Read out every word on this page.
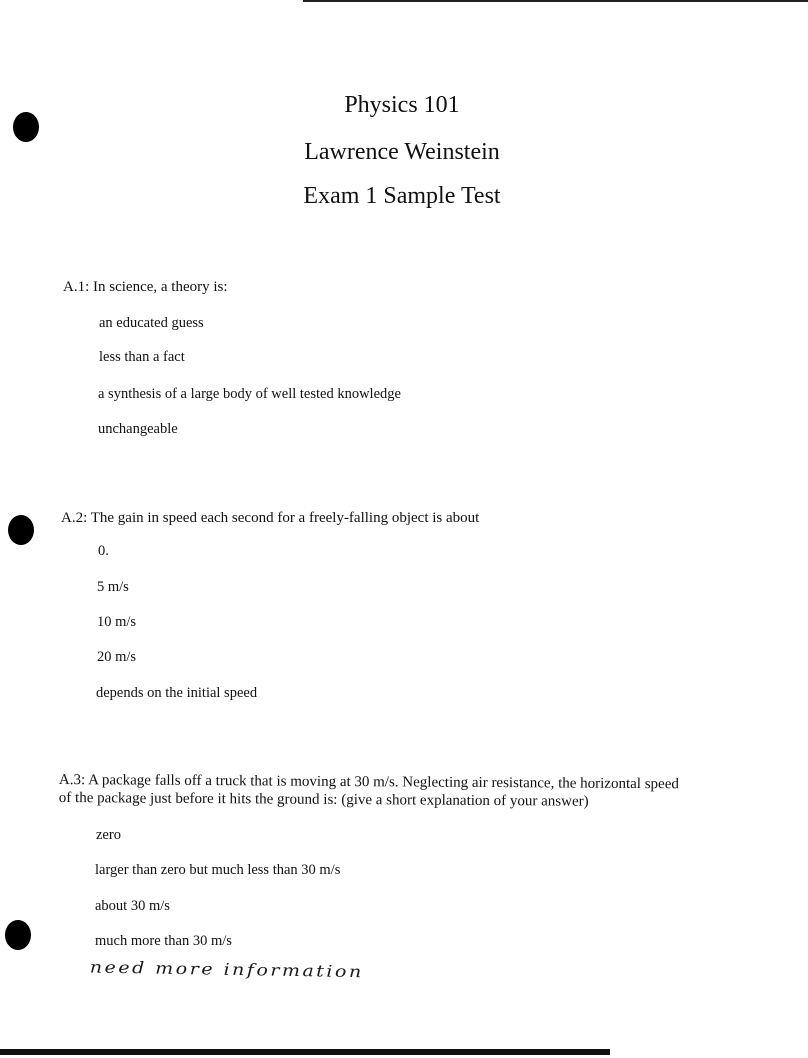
Physics 101
Lawrence Weinstein
Exam 1 Sample Test
A.1: In science, a theory is:
an educated guess
less than a fact
a synthesis of a large body of well tested knowledge
unchangeable
A.2: The gain in speed each second for a freely-falling object is about
0.
5 m/s
10 m/s
20 m/s
depends on the initial speed
A.3: A package falls off a truck that is moving at 30 m/s. Neglecting air resistance, the horizontal speed
of the package just before it hits the ground is: (give a short explanation of your answer)
zero
larger than zero but much less than 30 m/s
about 30 m/s
much more than 30 m/s
need more information
